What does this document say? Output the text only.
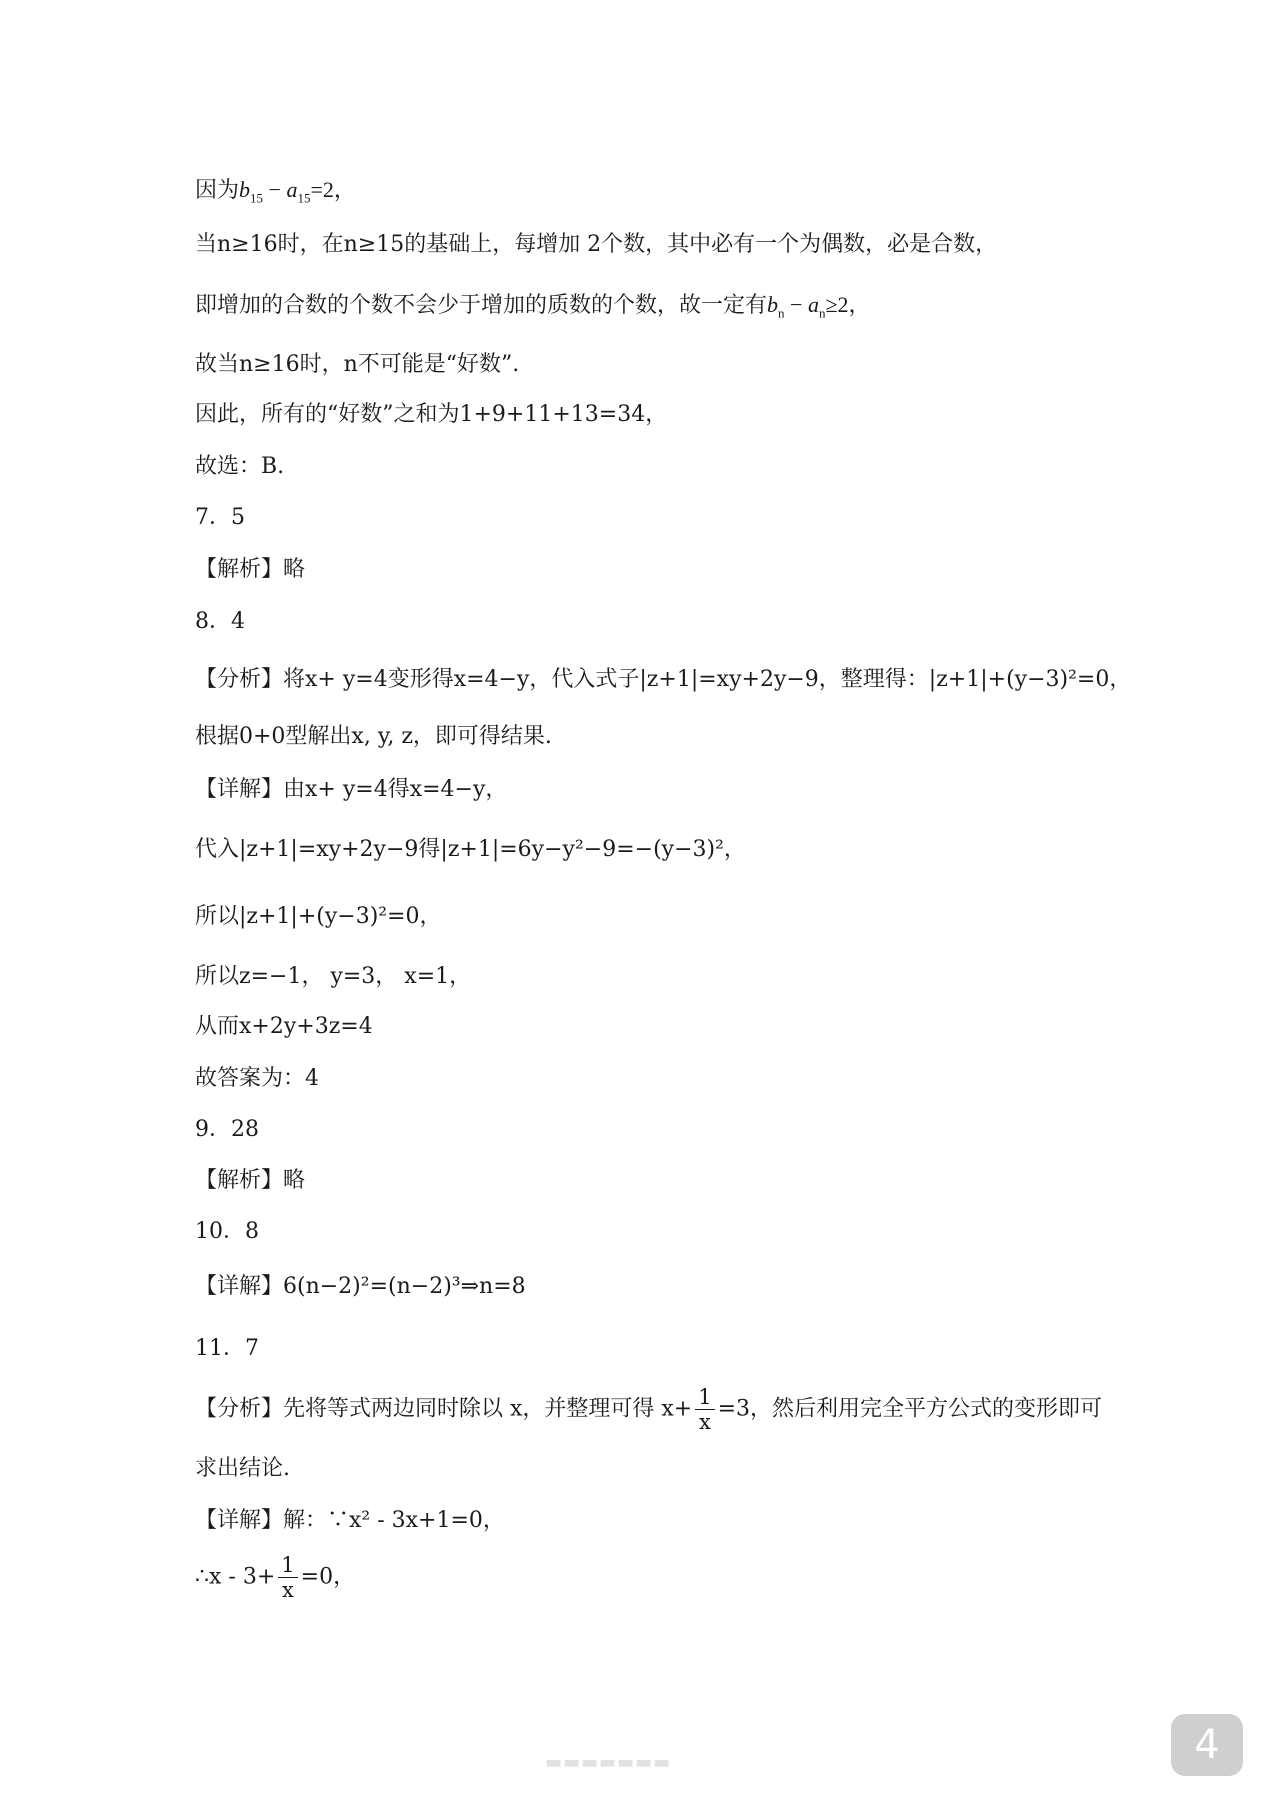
因为$b_{15} - a_{15}=2$，
当n≥16时，在n≥15的基础上，每增加 2个数，其中必有一个为偶数，必是合数，
即增加的合数的个数不会少于增加的质数的个数，故一定有$b_n - a_n\ge 2$，
故当n≥16时，n不可能是“好数”.
因此，所有的“好数”之和为1+9+11+13=34，
故选：B.
7．5
【解析】略
8．4
【分析】将x+ y=4变形得x=4−y，代入式子|z+1|=xy+2y−9，整理得：|z+1|+(y−3)²=0，
根据0+0型解出x, y, z，即可得结果.
【详解】由x+ y=4得x=4−y，
代入|z+1|=xy+2y−9得|z+1|=6y−y²−9=−(y−3)²，
所以|z+1|+(y−3)²=0，
所以z=−1， y=3， x=1，
从而x+2y+3z=4
故答案为：4
9．28
【解析】略
10．8
【详解】6(n−2)²=(n−2)³⇒n=8
11．7
【分析】先将等式两边同时除以 x，并整理可得 $x+ \frac{1}{x} =3$，然后利用完全平方公式的变形即可
求出结论.
【详解】解：∵x² - 3x+1=0，
∴x - $3+ \frac{1}{x} =0$，
▬▬▬▬▬▬▬	4
